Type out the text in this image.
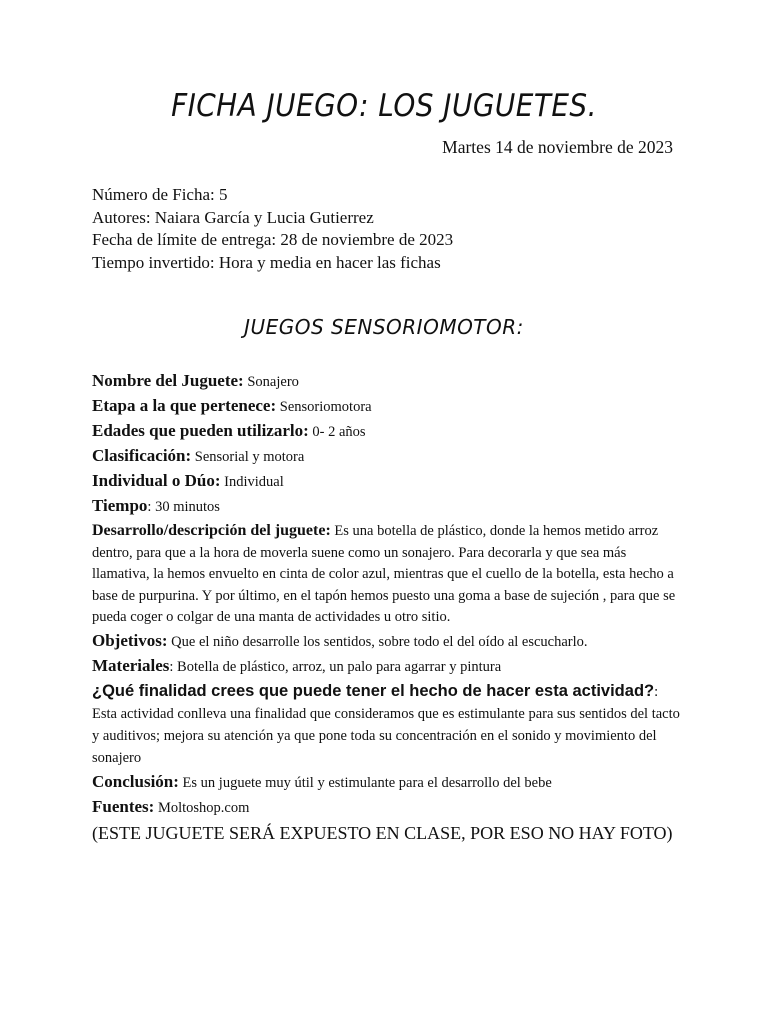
FICHA JUEGO: LOS JUGUETES.

Martes 14 de noviembre de 2023

Número de Ficha: 5
Autores: Naiara García y Lucia Gutierrez
Fecha de límite de entrega: 28 de noviembre de 2023
Tiempo invertido: Hora y media en hacer las fichas
JUEGOS SENSORIOMOTOR:
Nombre del Juguete: Sonajero
Etapa a la que pertenece: Sensoriomotora
Edades que pueden utilizarlo: 0- 2 años
Clasificación: Sensorial y motora
Individual o Dúo: Individual
Tiempo: 30 minutos
Desarrollo/descripción del juguete: Es una botella de plástico, donde la hemos metido arroz dentro, para que a la hora de moverla suene como un sonajero. Para decorarla y que sea más llamativa, la hemos envuelto en cinta de color azul, mientras que el cuello de la botella, esta hecho a base de purpurina. Y por último, en el tapón hemos puesto una goma a base de sujeción , para que se pueda coger o colgar de una manta de actividades u otro sitio.
Objetivos: Que el niño desarrolle los sentidos, sobre todo el del oído al escucharlo.
Materiales: Botella de plástico, arroz, un palo para agarrar y pintura
¿Qué finalidad crees que puede tener el hecho de hacer esta actividad?: Esta actividad conlleva una finalidad que consideramos que es estimulante para sus sentidos del tacto y auditivos; mejora su atención ya que pone toda su concentración en el sonido y movimiento del sonajero
Conclusión: Es un juguete muy útil y estimulante para el desarrollo del bebe
Fuentes: Moltoshop.com
(ESTE JUGUETE SERÁ EXPUESTO EN CLASE, POR ESO NO HAY FOTO)
